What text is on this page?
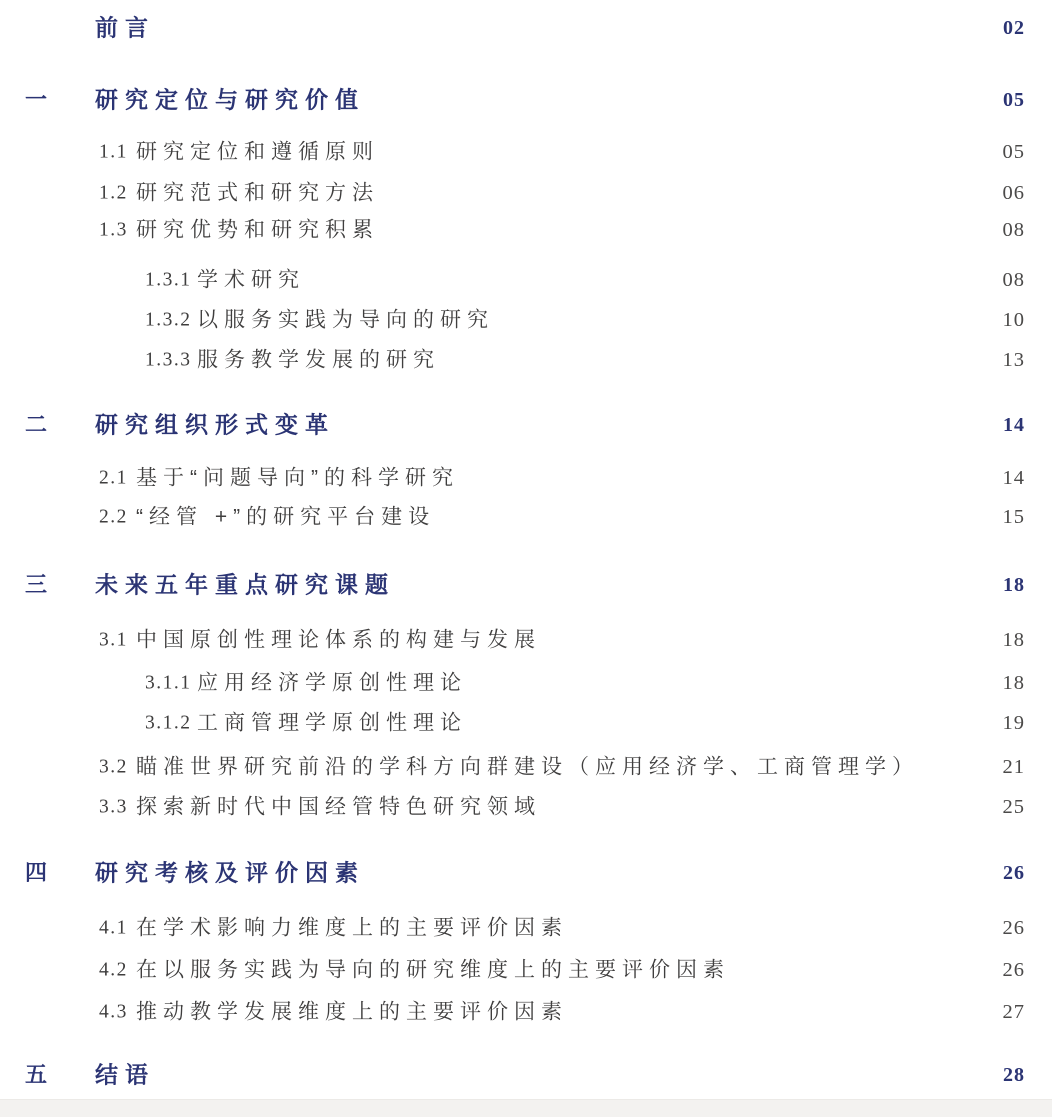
前言	02
一 研究定位与研究价值	05
1.1 研究定位和遵循原则	05
1.2 研究范式和研究方法	06
1.3 研究优势和研究积累	08
1.3.1 学术研究	08
1.3.2 以服务实践为导向的研究	10
1.3.3 服务教学发展的研究	13
二 研究组织形式变革	14
2.1 基于“问题导向”的科学研究	14
2.2 “经管 +”的研究平台建设	15
三 未来五年重点研究课题	18
3.1 中国原创性理论体系的构建与发展	18
3.1.1 应用经济学原创性理论	18
3.1.2 工商管理学原创性理论	19
3.2 瞄准世界研究前沿的学科方向群建设（应用经济学、工商管理学）	21
3.3 探索新时代中国经管特色研究领域	25
四 研究考核及评价因素	26
4.1 在学术影响力维度上的主要评价因素	26
4.2 在以服务实践为导向的研究维度上的主要评价因素	26
4.3 推动教学发展维度上的主要评价因素	27
五 结语	28
